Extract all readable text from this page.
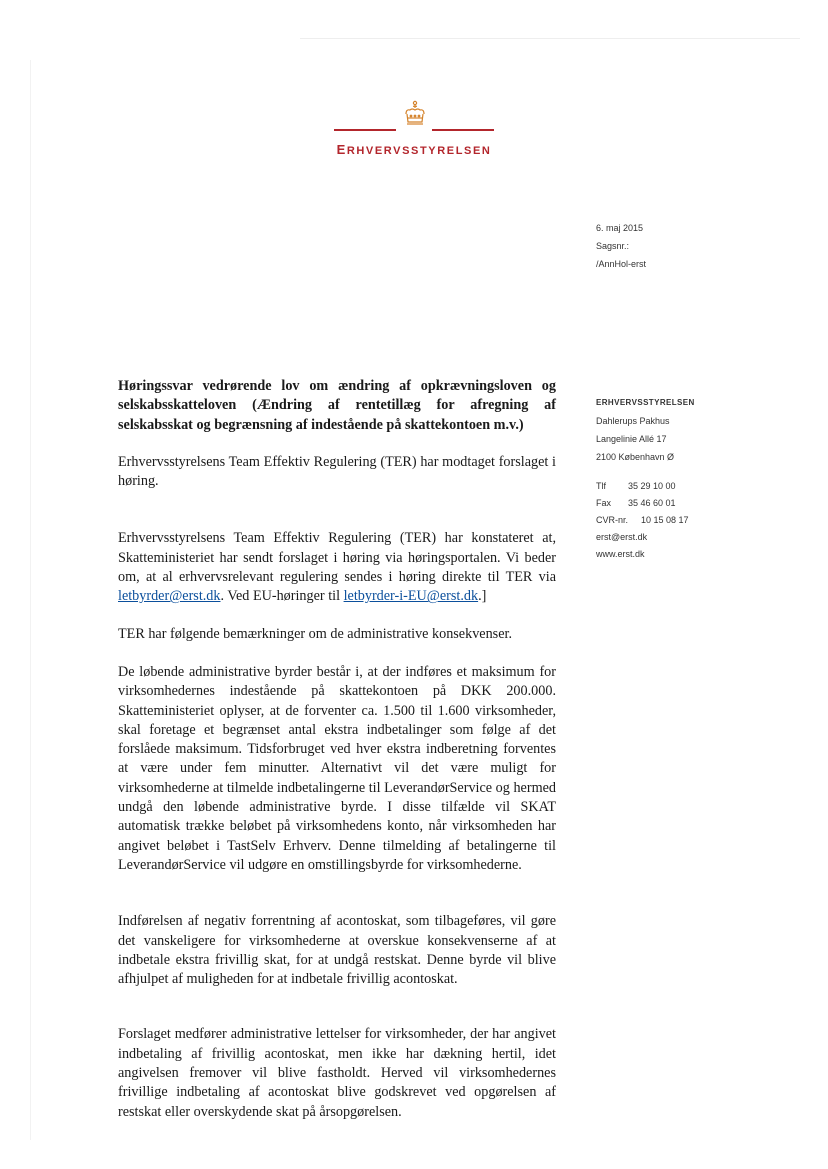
ERHVERVSSTYRELSEN
6. maj 2015
Sagsnr.:
/AnnHol-erst
ERHVERVSSTYRELSEN
Dahlerups Pakhus
Langelinie Allé 17
2100 København Ø
Tlf	35 29 10 00
Fax	35 46 60 01
CVR-nr.	10 15 08 17
erst@erst.dk
www.erst.dk

Høringssvar vedrørende lov om ændring af opkrævningsloven og selskabsskatteloven (Ændring af rentetillæg for afregning af selskabsskat og begrænsning af indestående på skattekontoen m.v.)

Erhvervsstyrelsens Team Effektiv Regulering (TER) har modtaget forslaget i høring.

Erhvervsstyrelsens Team Effektiv Regulering (TER) har konstateret at, Skatteministeriet har sendt forslaget i høring via høringsportalen. Vi beder om, at al erhvervsrelevant regulering sendes i høring direkte til TER via letbyrder@erst.dk. Ved EU-høringer til letbyrder-i-EU@erst.dk.]

TER har følgende bemærkninger om de administrative konsekvenser.

De løbende administrative byrder består i, at der indføres et maksimum for virksomhedernes indestående på skattekontoen på DKK 200.000. Skatteministeriet oplyser, at de forventer ca. 1.500 til 1.600 virksomheder, skal foretage et begrænset antal ekstra indbetalinger som følge af det forslåede maksimum. Tidsforbruget ved hver ekstra indberetning forventes at være under fem minutter. Alternativt vil det være muligt for virksomhederne at tilmelde indbetalingerne til LeverandørService og hermed undgå den løbende administrative byrde. I disse tilfælde vil SKAT automatisk trække beløbet på virksomhedens konto, når virksomheden har angivet beløbet i TastSelv Erhverv. Denne tilmelding af betalingerne til LeverandørService vil udgøre en omstillingsbyrde for virksomhederne.

Indførelsen af negativ forrentning af acontoskat, som tilbageføres, vil gøre det vanskeligere for virksomhederne at overskue konsekvenserne af at indbetale ekstra frivillig skat, for at undgå restskat. Denne byrde vil blive afhjulpet af muligheden for at indbetale frivillig acontoskat.

Forslaget medfører administrative lettelser for virksomheder, der har angivet indbetaling af frivillig acontoskat, men ikke har dækning hertil, idet angivelsen fremover vil blive fastholdt. Herved vil virksomhedernes frivillige indbetaling af acontoskat blive godskrevet ved opgørelsen af restskat eller overskydende skat på årsopgørelsen.
